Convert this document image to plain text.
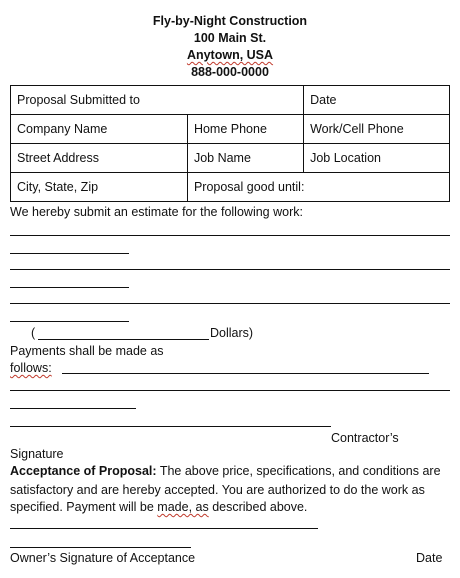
Fly-by-Night Construction
100 Main St.
Anytown, USA
888-000-0000
Proposal Submitted to		Date
Company Name	Home Phone	Work/Cell Phone
Street Address	Job Name	Job Location
City, State, Zip	Proposal good until:	
We hereby submit an estimate for the following work:
(	Dollars)
Payments shall be made as
follows:
Contractor’s
Signature
Acceptance of Proposal: The above price, specifications, and conditions are
satisfactory and are hereby accepted. You are authorized to do the work as
specified. Payment will be made, as described above.
Owner’s Signature of Acceptance	Date
